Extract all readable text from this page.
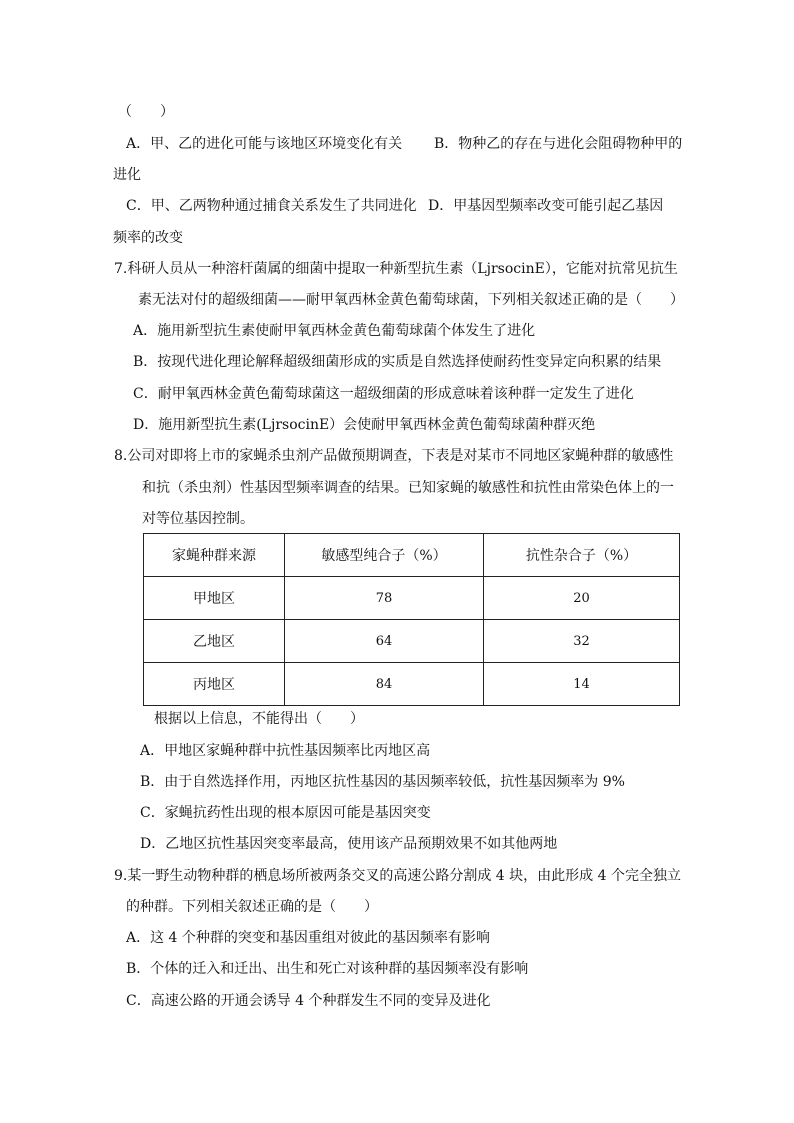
（　　）
A．甲、乙的进化可能与该地区环境变化有关 B．物种乙的存在与进化会阻碍物种甲的
进化
C．甲、乙两物种通过捕食关系发生了共同进化 D．甲基因型频率改变可能引起乙基因
频率的改变
7.科研人员从一种溶杆菌属的细菌中提取一种新型抗生素（LjrsocinE），它能对抗常见抗生
素无法对付的超级细菌——耐甲氧西林金黄色葡萄球菌，下列相关叙述正确的是（　　）
A．施用新型抗生素使耐甲氧西林金黄色葡萄球菌个体发生了进化
B．按现代进化理论解释超级细菌形成的实质是自然选择使耐药性变异定向积累的结果
C．耐甲氧西林金黄色葡萄球菌这一超级细菌的形成意味着该种群一定发生了进化
D．施用新型抗生素(LjrsocinE）会使耐甲氧西林金黄色葡萄球菌种群灭绝
8.公司对即将上市的家蝇杀虫剂产品做预期调查，下表是对某市不同地区家蝇种群的敏感性
和抗（杀虫剂）性基因型频率调查的结果。已知家蝇的敏感性和抗性由常染色体上的一
对等位基因控制。
家蝇种群来源	敏感型纯合子（%）	抗性杂合子（%）
甲地区	78	20
乙地区	64	32
丙地区	84	14
根据以上信息，不能得出（　　）
A．甲地区家蝇种群中抗性基因频率比丙地区高
B．由于自然选择作用，丙地区抗性基因的基因频率较低，抗性基因频率为 9%
C．家蝇抗药性出现的根本原因可能是基因突变
D．乙地区抗性基因突变率最高，使用该产品预期效果不如其他两地
9.某一野生动物种群的栖息场所被两条交叉的高速公路分割成 4 块，由此形成 4 个完全独立
的种群。下列相关叙述正确的是（　　）
A．这 4 个种群的突变和基因重组对彼此的基因频率有影响
B．个体的迁入和迁出、出生和死亡对该种群的基因频率没有影响
C．高速公路的开通会诱导 4 个种群发生不同的变异及进化
